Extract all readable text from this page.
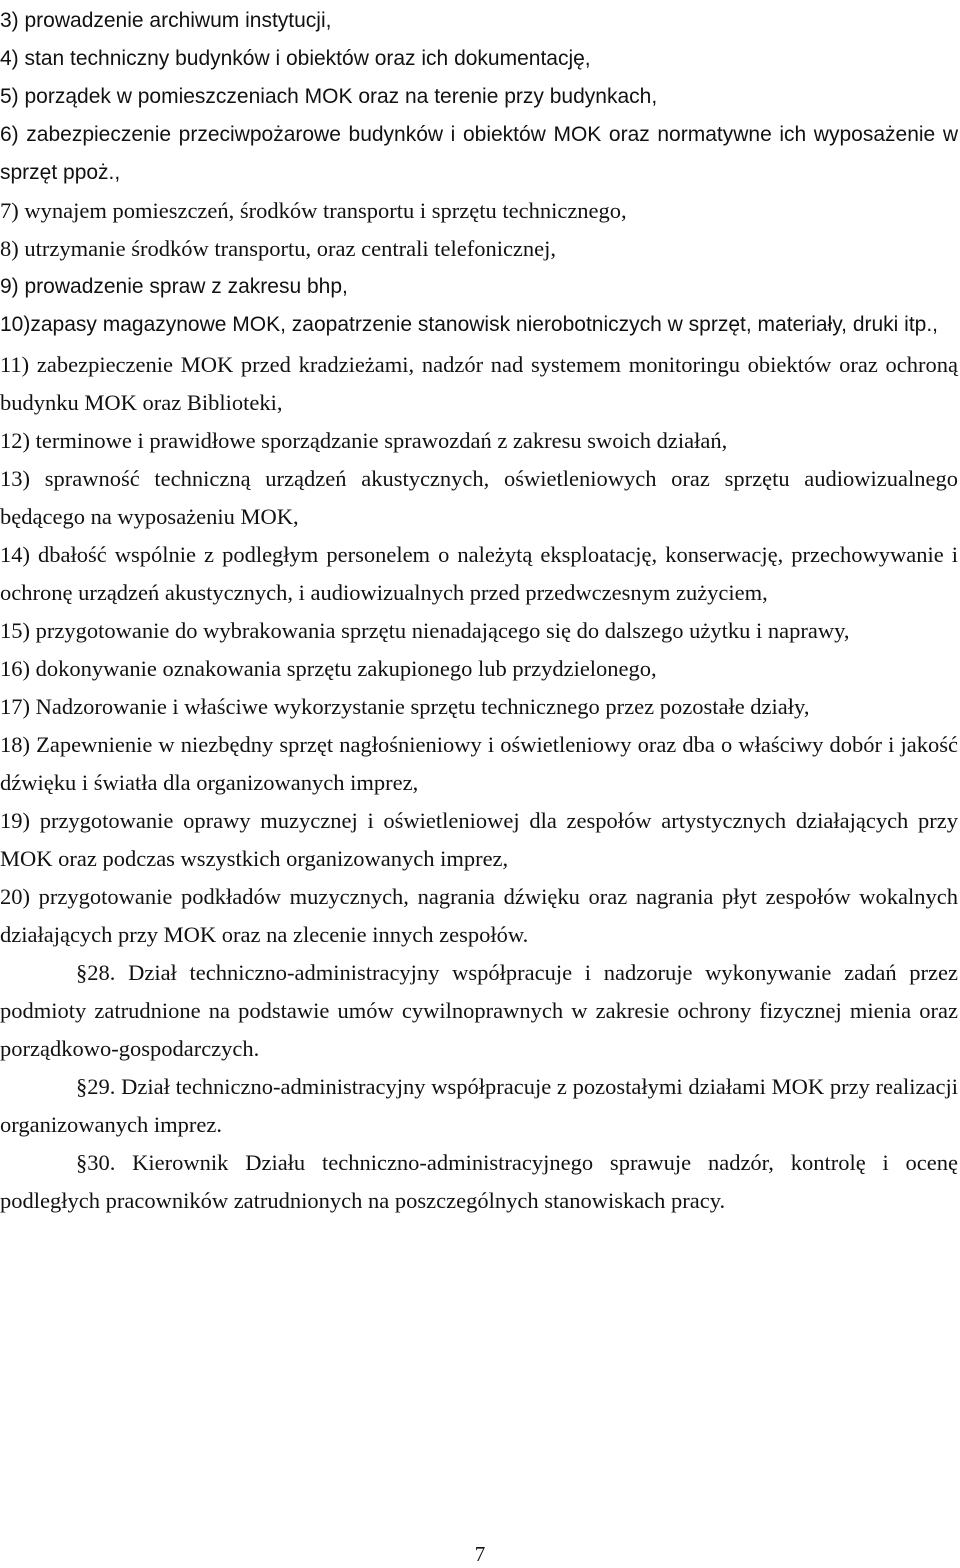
3) prowadzenie archiwum instytucji,

4) stan techniczny budynków i obiektów oraz ich dokumentację,

5) porządek w pomieszczeniach MOK oraz na terenie przy budynkach,

6) zabezpieczenie przeciwpożarowe budynków i obiektów MOK oraz normatywne ich wyposażenie w sprzęt ppoż.,

7) wynajem pomieszczeń, środków transportu i sprzętu technicznego,

8) utrzymanie środków transportu, oraz centrali telefonicznej,

9) prowadzenie spraw z zakresu bhp,

10)zapasy magazynowe MOK, zaopatrzenie stanowisk nierobotniczych w sprzęt, materiały, druki itp.,

11) zabezpieczenie MOK przed kradzieżami, nadzór nad systemem monitoringu obiektów oraz ochroną budynku MOK oraz Biblioteki,

12) terminowe i prawidłowe sporządzanie sprawozdań z zakresu swoich działań,

13) sprawność techniczną urządzeń akustycznych, oświetleniowych oraz sprzętu audiowizualnego będącego na wyposażeniu MOK,

14) dbałość wspólnie z podległym personelem o należytą eksploatację, konserwację, przechowywanie i ochronę urządzeń akustycznych, i audiowizualnych przed przedwczesnym zużyciem,

15) przygotowanie do wybrakowania sprzętu nienadającego się do dalszego użytku i naprawy,

16) dokonywanie oznakowania sprzętu zakupionego lub przydzielonego,

17) Nadzorowanie i właściwe wykorzystanie sprzętu technicznego przez pozostałe działy,

18) Zapewnienie w niezbędny sprzęt nagłośnieniowy i oświetleniowy oraz dba o właściwy dobór i jakość dźwięku i światła dla organizowanych imprez,

19) przygotowanie oprawy muzycznej i oświetleniowej dla zespołów artystycznych działających przy MOK oraz podczas wszystkich organizowanych imprez,

20) przygotowanie podkładów muzycznych, nagrania dźwięku oraz nagrania płyt zespołów wokalnych działających przy MOK oraz na zlecenie innych zespołów.

§28. Dział techniczno-administracyjny współpracuje i nadzoruje wykonywanie zadań przez podmioty zatrudnione na podstawie umów cywilnoprawnych w zakresie ochrony fizycznej mienia oraz porządkowo-gospodarczych.

§29. Dział techniczno-administracyjny współpracuje z pozostałymi działami MOK przy realizacji organizowanych imprez.

§30. Kierownik Działu techniczno-administracyjnego sprawuje nadzór, kontrolę i ocenę podległych pracowników zatrudnionych na poszczególnych stanowiskach pracy.

7
